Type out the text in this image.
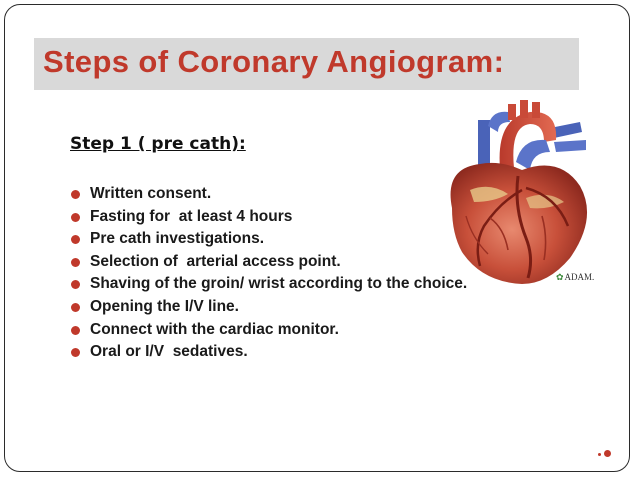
Steps of Coronary Angiogram:
Step 1 ( pre cath):
Written consent.
Fasting for  at least 4 hours
Pre cath investigations.
Selection of  arterial access point.
Shaving of the groin/ wrist according to the choice.
Opening the I/V line.
Connect with the cardiac monitor.
Oral or I/V  sedatives.
✿ADAM.
